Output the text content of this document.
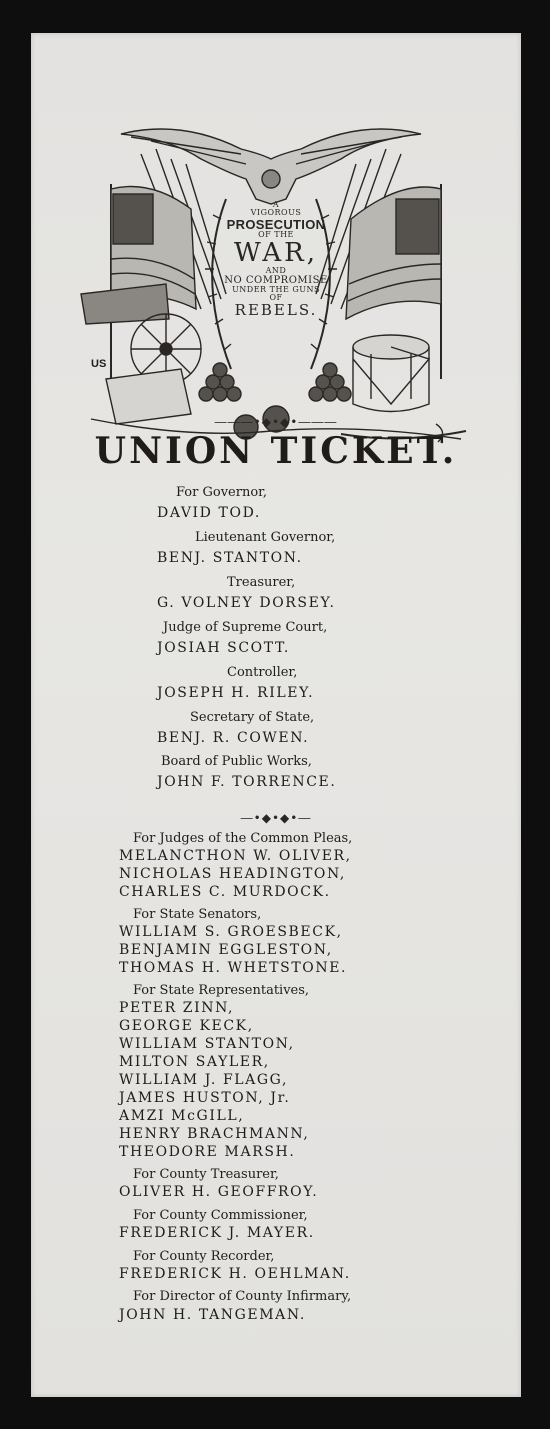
A
VIGOROUS
PROSECUTION
OF THE
WAR,
AND
NO COMPROMISE
UNDER THE GUNS
OF
REBELS.
US
―――•◆•◆•―――
UNION TICKET.
For Governor,
DAVID TOD.
Lieutenant Governor,
BENJ. STANTON.
Treasurer,
G. VOLNEY DORSEY.
Judge of Supreme Court,
JOSIAH SCOTT.
Controller,
JOSEPH H. RILEY.
Secretary of State,
BENJ. R. COWEN.
Board of Public Works,
JOHN F. TORRENCE.
―•◆•◆•―
For Judges of the Common Pleas,
MELANCTHON W. OLIVER,
NICHOLAS HEADINGTON,
CHARLES C. MURDOCK.
For State Senators,
WILLIAM S. GROESBECK,
BENJAMIN EGGLESTON,
THOMAS H. WHETSTONE.
For State Representatives,
PETER ZINN,
GEORGE KECK,
WILLIAM STANTON,
MILTON SAYLER,
WILLIAM J. FLAGG,
JAMES HUSTON, Jr.
AMZI McGILL,
HENRY BRACHMANN,
THEODORE MARSH.
For County Treasurer,
OLIVER H. GEOFFROY.
For County Commissioner,
FREDERICK J. MAYER.
For County Recorder,
FREDERICK H. OEHLMAN.
For Director of County Infirmary,
JOHN H. TANGEMAN.
